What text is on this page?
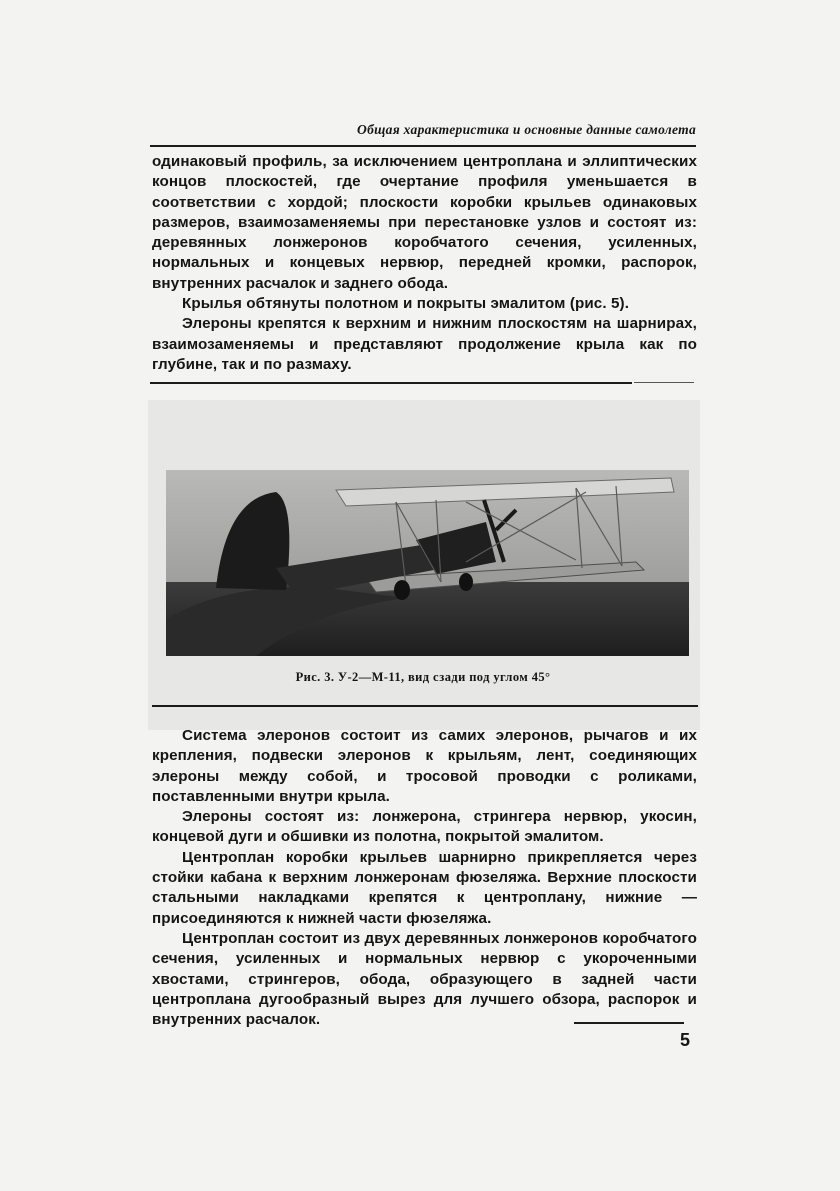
Общая характеристика и основные данные самолета

одинаковый профиль, за исключением центроплана и эллиптических концов плоскостей, где очертание профиля уменьшается в соответствии с хордой; плоскости коробки крыльев одинаковых размеров, взаимозаменяемы при перестановке узлов и состоят из: деревянных лонжеронов коробчатого сечения, усиленных, нормальных и концевых нервюр, передней кромки, распорок, внутренних расчалок и заднего обода.

Крылья обтянуты полотном и покрыты эмалитом (рис. 5).

Элероны крепятся к верхним и нижним плоскостям на шарнирах, взаимозаменяемы и представляют продолжение крыла как по глубине, так и по размаху.

Рис. 3. У-2—М-11, вид сзади под углом 45°

Система элеронов состоит из самих элеронов, рычагов и их крепления, подвески элеронов к крыльям, лент, соединяющих элероны между собой, и тросовой проводки с роликами, поставленными внутри крыла.

Элероны состоят из: лонжерона, стрингера нервюр, укосин, концевой дуги и обшивки из полотна, покрытой эмалитом.

Центроплан коробки крыльев шарнирно прикрепляется через стойки кабана к верхним лонжеронам фюзеляжа. Верхние плоскости стальными накладками крепятся к центроплану, нижние — присоединяются к нижней части фюзеляжа.

Центроплан состоит из двух деревянных лонжеронов коробчатого сечения, усиленных и нормальных нервюр с укороченными хвостами, стрингеров, обода, образующего в задней части центроплана дугообразный вырез для лучшего обзора, распорок и внутренних расчалок.

5
